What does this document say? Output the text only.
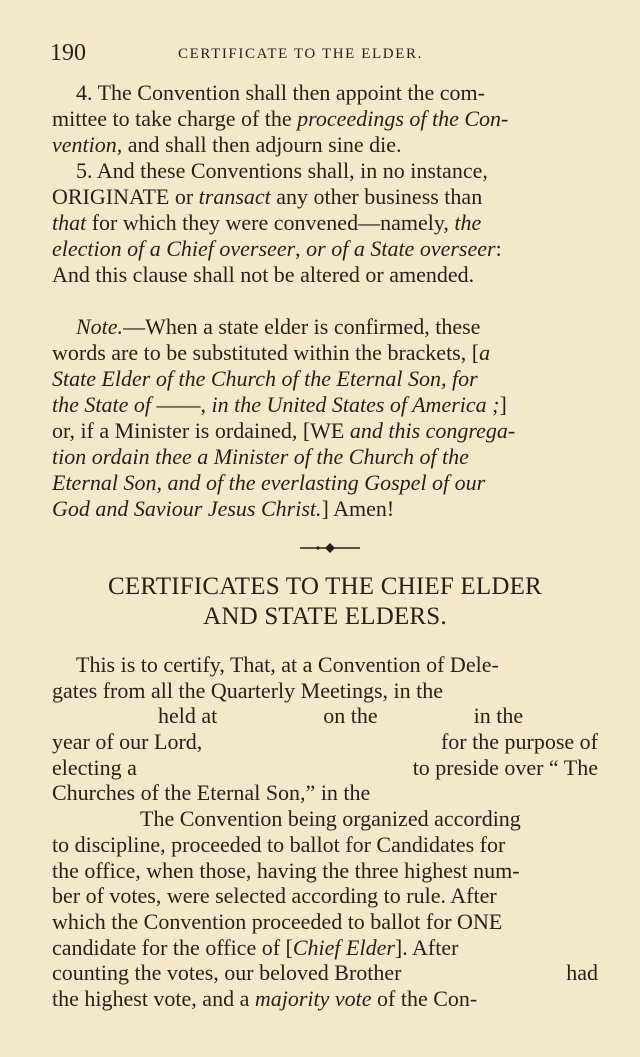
190	CERTIFICATE TO THE ELDER.
4. The Convention shall then appoint the com-
mittee to take charge of the proceedings of the Con-
vention, and shall then adjourn sine die.
5. And these Conventions shall, in no instance,
ORIGINATE or transact any other business than
that for which they were convened—namely, the
election of a Chief overseer, or of a State overseer:
And this clause shall not be altered or amended.
Note.—When a state elder is confirmed, these
words are to be substituted within the brackets, [a
State Elder of the Church of the Eternal Son, for
the State of ——, in the United States of America ;]
or, if a Minister is ordained, [WE and this congrega-
tion ordain thee a Minister of the Church of the
Eternal Son, and of the everlasting Gospel of our
God and Saviour Jesus Christ.] Amen!
CERTIFICATES TO THE CHIEF ELDER
AND STATE ELDERS.
This is to certify, That, at a Convention of Dele-
gates from all the Quarterly Meetings, in the
held at	on the	in the
year of our Lord,	for the purpose of
electing a	to preside over “ The
Churches of the Eternal Son,” in the
The Convention being organized according
to discipline, proceeded to ballot for Candidates for
the office, when those, having the three highest num-
ber of votes, were selected according to rule. After
which the Convention proceeded to ballot for ONE
candidate for the office of [Chief Elder]. After
counting the votes, our beloved Brother	had
the highest vote, and a majority vote of the Con-
